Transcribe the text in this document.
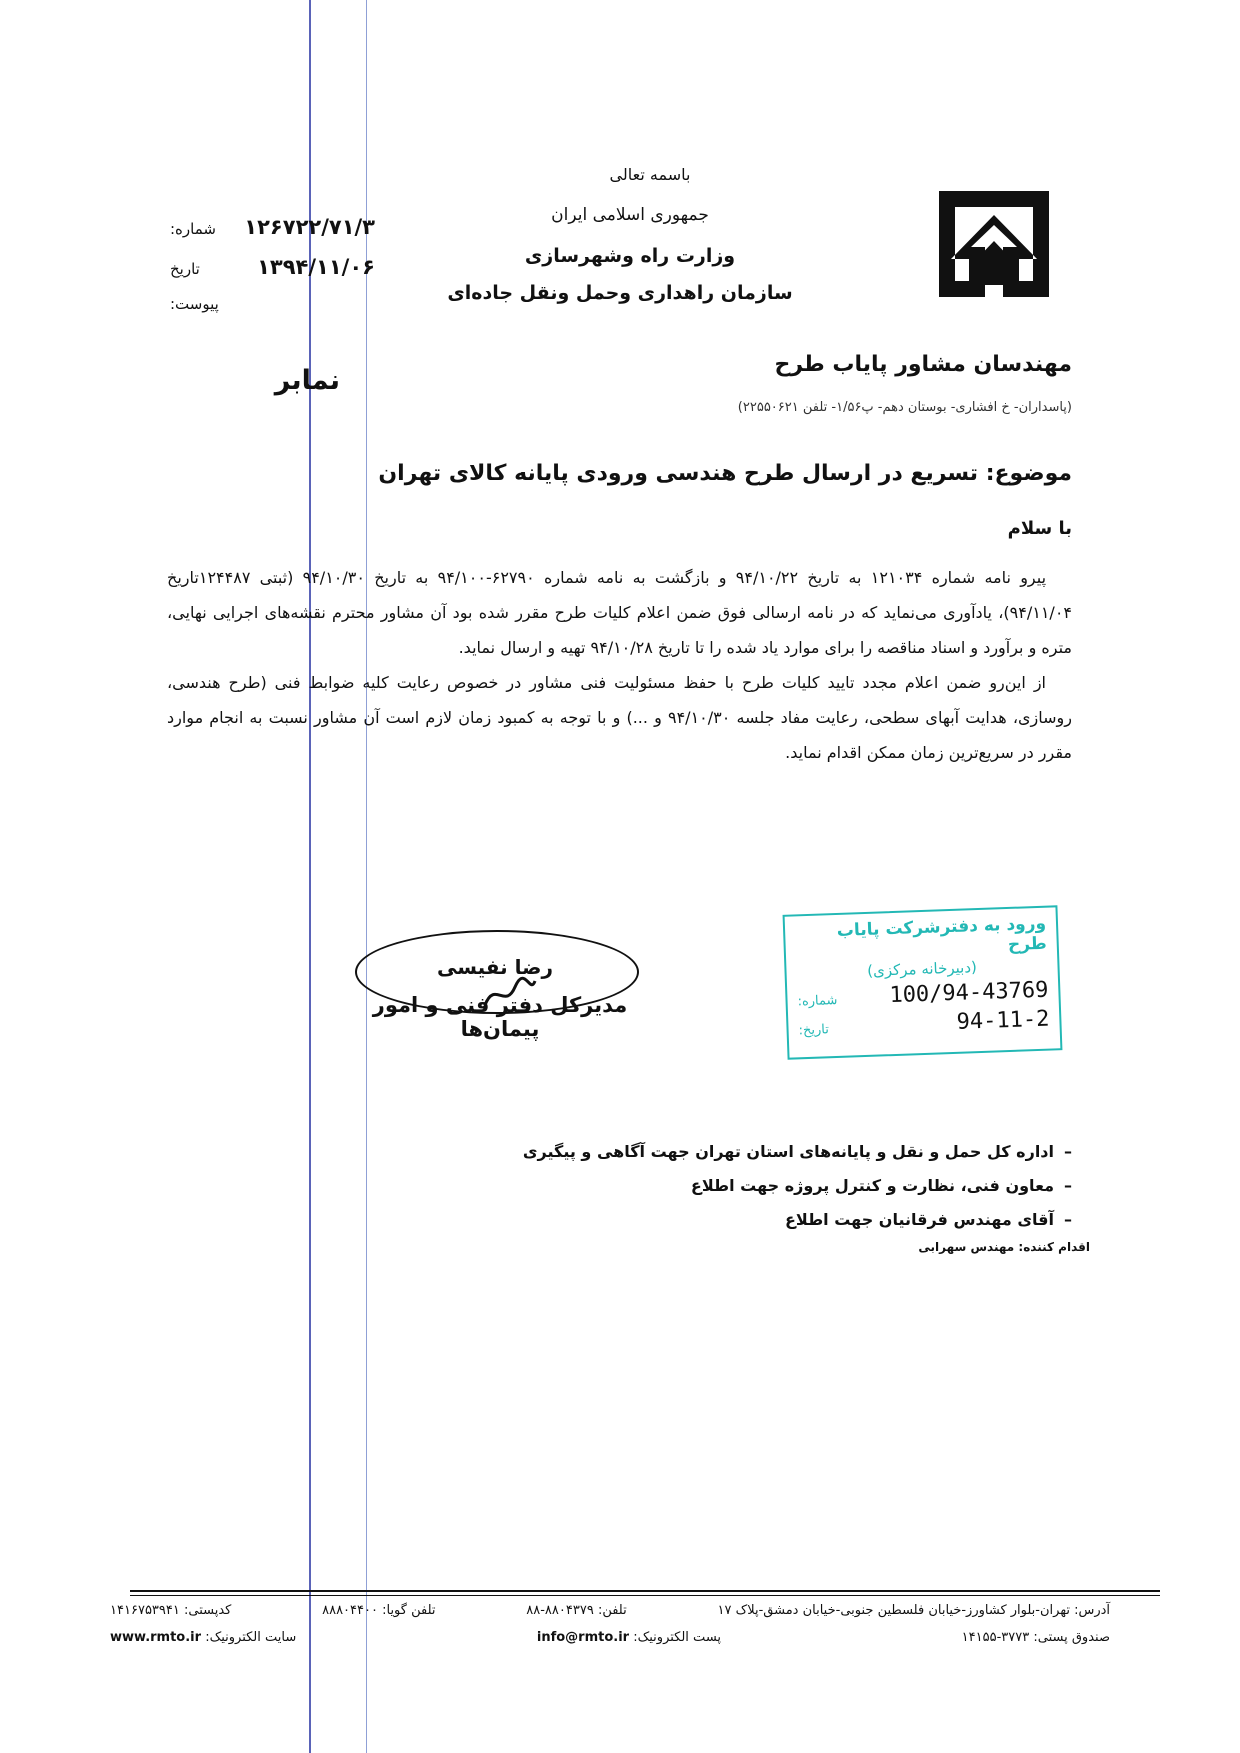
باسمه تعالی
جمهوری اسلامی ایران
وزارت راه وشهرسازی
سازمان راهداری وحمل ونقل جاده‌ای
۱۲۶۷۲۲/۷۱/۳
شماره:
۱۳۹۴/۱۱/۰۶
تاریخ
پیوست:
نمابر
مهندسان مشاور پایاب طرح
(پاسداران- خ افشاری- بوستان دهم- پ۱/۵۶- تلفن ۲۲۵۵۰۶۲۱)
موضوع: تسریع در ارسال طرح هندسی ورودی پایانه کالای تهران
با سلام

پیرو نامه شماره ۱۲۱۰۳۴ به تاریخ ۹۴/۱۰/۲۲ و بازگشت به نامه شماره ۶۲۷۹۰-۹۴/۱۰۰ به تاریخ ۹۴/۱۰/۳۰ (ثبتی ۱۲۴۴۸۷تاریخ ۹۴/۱۱/۰۴)، یادآوری می‌نماید که در نامه ارسالی فوق ضمن اعلام کلیات طرح مقرر شده بود آن مشاور محترم نقشه‌های اجرایی نهایی، متره و برآورد و اسناد مناقصه را برای موارد یاد شده را تا تاریخ ۹۴/۱۰/۲۸ تهیه و ارسال نماید.

از این‌رو ضمن اعلام مجدد تایید کلیات طرح با حفظ مسئولیت فنی مشاور در خصوص رعایت کلیه ضوابط فنی (طرح هندسی، روسازی، هدایت آبهای سطحی، رعایت مفاد جلسه ۹۴/۱۰/۳۰ و ...) و با توجه به کمبود زمان لازم است آن مشاور نسبت به انجام موارد مقرر در سریع‌ترین زمان ممکن اقدام نماید.

رضا نفیسی
مدیرکل دفتر فنی و امور پیمان‌ها
ورود به دفترشرکت پایاب طرح
(دبیرخانه مرکزی)
100/94-43769
شماره:
94-11-2
تاریخ:
–اداره کل حمل و نقل و پایانه‌های استان تهران جهت آگاهی و پیگیری
–معاون فنی، نظارت و کنترل پروژه جهت اطلاع
–آقای مهندس فرقانیان جهت اطلاع
اقدام کننده: مهندس سهرابی
آدرس: تهران-بلوار کشاورز-خیابان فلسطین جنوبی-خیابان دمشق-پلاک ۱۷
تلفن: ۸۸۰۴۳۷۹-۸۸
تلفن گویا: ۸۸۸۰۴۴۰۰
کدپستی: ۱۴۱۶۷۵۳۹۴۱
صندوق پستی: ۳۷۷۳-۱۴۱۵۵
پست الکترونیک: info@rmto.ir
سایت الکترونیک: www.rmto.ir
